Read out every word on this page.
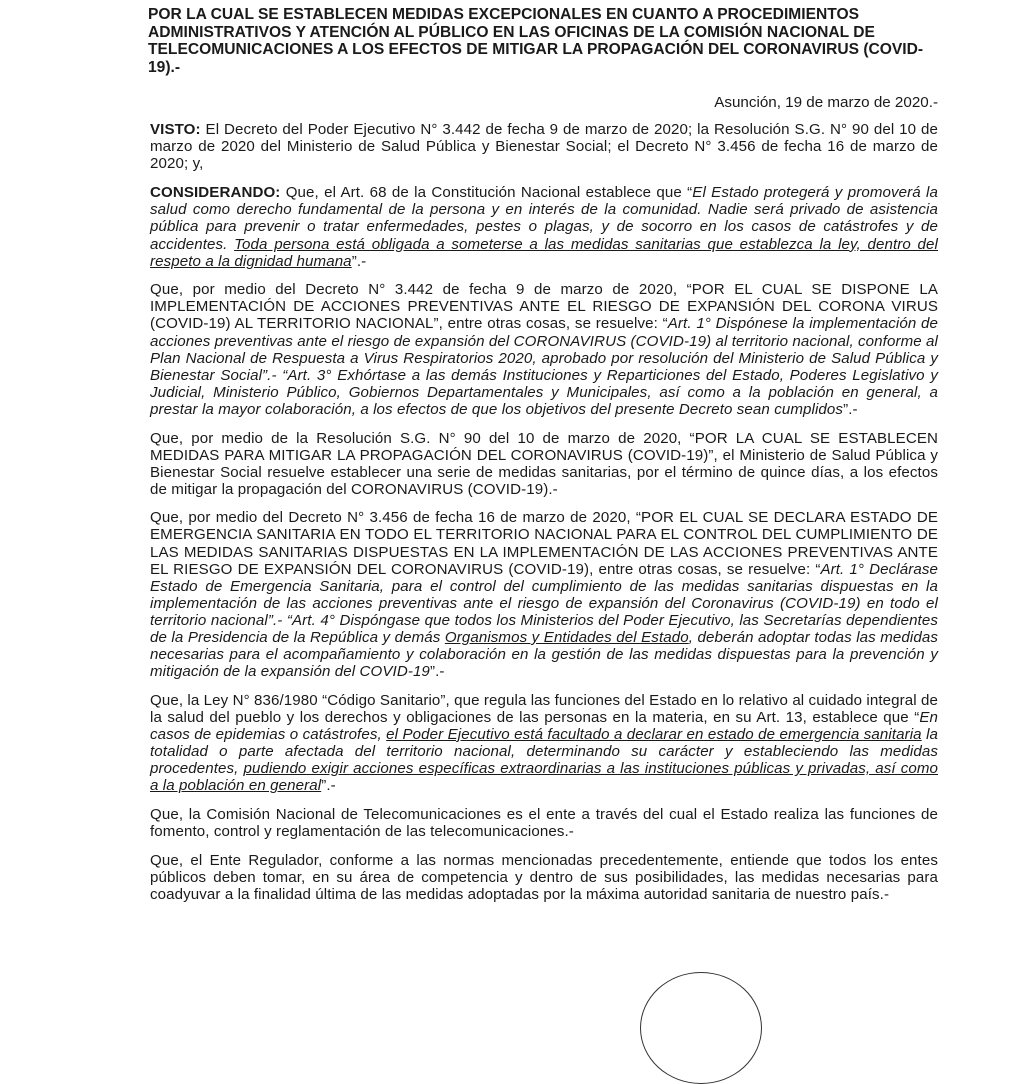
POR LA CUAL SE ESTABLECEN MEDIDAS EXCEPCIONALES EN CUANTO A PROCEDIMIENTOS ADMINISTRATIVOS Y ATENCIÓN AL PÚBLICO EN LAS OFICINAS DE LA COMISIÓN NACIONAL DE TELECOMUNICACIONES A LOS EFECTOS DE MITIGAR LA PROPAGACIÓN DEL CORONAVIRUS (COVID-19).-
Asunción, 19 de marzo de 2020.-

VISTO: El Decreto del Poder Ejecutivo N° 3.442 de fecha 9 de marzo de 2020; la Resolución S.G. N° 90 del 10 de marzo de 2020 del Ministerio de Salud Pública y Bienestar Social; el Decreto N° 3.456 de fecha 16 de marzo de 2020; y,

CONSIDERANDO: Que, el Art. 68 de la Constitución Nacional establece que “El Estado protegerá y promoverá la salud como derecho fundamental de la persona y en interés de la comunidad. Nadie será privado de asistencia pública para prevenir o tratar enfermedades, pestes o plagas, y de socorro en los casos de catástrofes y de accidentes. Toda persona está obligada a someterse a las medidas sanitarias que establezca la ley, dentro del respeto a la dignidad humana”.-

Que, por medio del Decreto N° 3.442 de fecha 9 de marzo de 2020, “POR EL CUAL SE DISPONE LA IMPLEMENTACIÓN DE ACCIONES PREVENTIVAS ANTE EL RIESGO DE EXPANSIÓN DEL CORONA VIRUS (COVID-19) AL TERRITORIO NACIONAL”, entre otras cosas, se resuelve: “Art. 1° Dispónese la implementación de acciones preventivas ante el riesgo de expansión del CORONAVIRUS (COVID-19) al territorio nacional, conforme al Plan Nacional de Respuesta a Virus Respiratorios 2020, aprobado por resolución del Ministerio de Salud Pública y Bienestar Social”.- “Art. 3° Exhórtase a las demás Instituciones y Reparticiones del Estado, Poderes Legislativo y Judicial, Ministerio Público, Gobiernos Departamentales y Municipales, así como a la población en general, a prestar la mayor colaboración, a los efectos de que los objetivos del presente Decreto sean cumplidos”.-

Que, por medio de la Resolución S.G. N° 90 del 10 de marzo de 2020, “POR LA CUAL SE ESTABLECEN MEDIDAS PARA MITIGAR LA PROPAGACIÓN DEL CORONAVIRUS (COVID-19)”, el Ministerio de Salud Pública y Bienestar Social resuelve establecer una serie de medidas sanitarias, por el término de quince días, a los efectos de mitigar la propagación del CORONAVIRUS (COVID-19).-

Que, por medio del Decreto N° 3.456 de fecha 16 de marzo de 2020, “POR EL CUAL SE DECLARA ESTADO DE EMERGENCIA SANITARIA EN TODO EL TERRITORIO NACIONAL PARA EL CONTROL DEL CUMPLIMIENTO DE LAS MEDIDAS SANITARIAS DISPUESTAS EN LA IMPLEMENTACIÓN DE LAS ACCIONES PREVENTIVAS ANTE EL RIESGO DE EXPANSIÓN DEL CORONAVIRUS (COVID-19), entre otras cosas, se resuelve: “Art. 1° Declárase Estado de Emergencia Sanitaria, para el control del cumplimiento de las medidas sanitarias dispuestas en la implementación de las acciones preventivas ante el riesgo de expansión del Coronavirus (COVID-19) en todo el territorio nacional”.- “Art. 4° Dispóngase que todos los Ministerios del Poder Ejecutivo, las Secretarías dependientes de la Presidencia de la República y demás Organismos y Entidades del Estado, deberán adoptar todas las medidas necesarias para el acompañamiento y colaboración en la gestión de las medidas dispuestas para la prevención y mitigación de la expansión del COVID-19”.-

Que, la Ley N° 836/1980 “Código Sanitario”, que regula las funciones del Estado en lo relativo al cuidado integral de la salud del pueblo y los derechos y obligaciones de las personas en la materia, en su Art. 13, establece que “En casos de epidemias o catástrofes, el Poder Ejecutivo está facultado a declarar en estado de emergencia sanitaria la totalidad o parte afectada del territorio nacional, determinando su carácter y estableciendo las medidas procedentes, pudiendo exigir acciones específicas extraordinarias a las instituciones públicas y privadas, así como a la población en general”.-

Que, la Comisión Nacional de Telecomunicaciones es el ente a través del cual el Estado realiza las funciones de fomento, control y reglamentación de las telecomunicaciones.-

Que, el Ente Regulador, conforme a las normas mencionadas precedentemente, entiende que todos los entes públicos deben tomar, en su área de competencia y dentro de sus posibilidades, las medidas necesarias para coadyuvar a la finalidad última de las medidas adoptadas por la máxima autoridad sanitaria de nuestro país.-
